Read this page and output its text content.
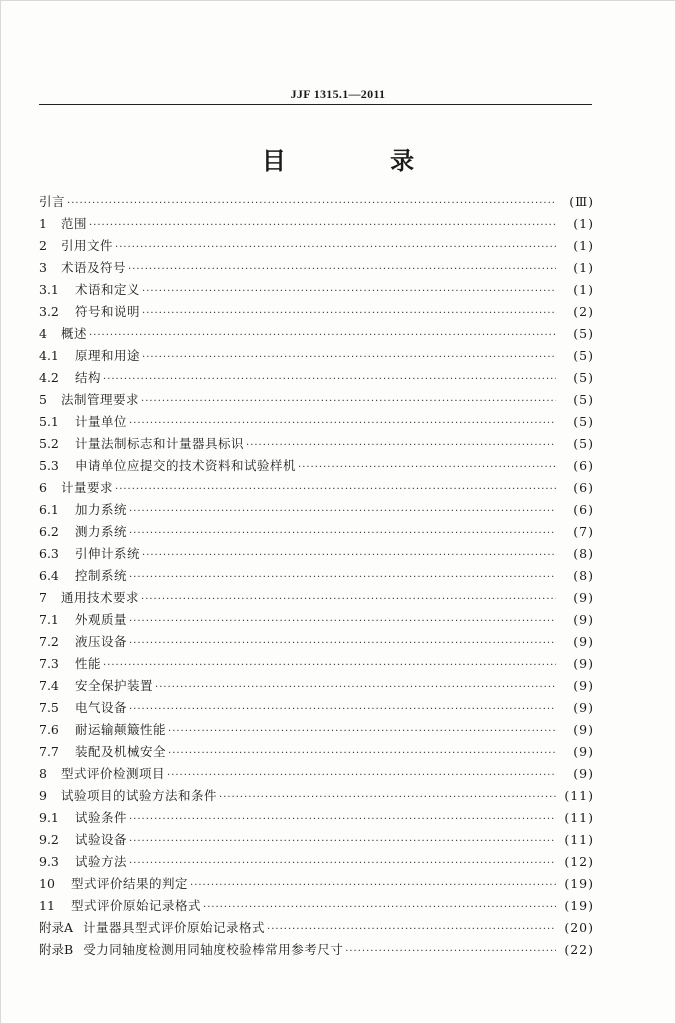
JJF 1315.1—2011
目 录
引言 ·····	(Ⅲ)
1	范围 ·····	(1)
2	引用文件 ·····	(1)
3	术语及符号 ·····	(1)
3.1	术语和定义 ·····	(1)
3.2	符号和说明 ·····	(2)
4	概述 ·····	(5)
4.1	原理和用途 ·····	(5)
4.2	结构 ·····	(5)
5	法制管理要求 ·····	(5)
5.1	计量单位 ·····	(5)
5.2	计量法制标志和计量器具标识 ·····	(5)
5.3	申请单位应提交的技术资料和试验样机 ·····	(6)
6	计量要求 ·····	(6)
6.1	加力系统 ·····	(6)
6.2	测力系统 ·····	(7)
6.3	引伸计系统 ·····	(8)
6.4	控制系统 ·····	(8)
7	通用技术要求 ·····	(9)
7.1	外观质量 ·····	(9)
7.2	液压设备 ·····	(9)
7.3	性能 ·····	(9)
7.4	安全保护装置 ·····	(9)
7.5	电气设备 ·····	(9)
7.6	耐运输颠簸性能 ·····	(9)
7.7	装配及机械安全 ·····	(9)
8	型式评价检测项目 ·····	(9)
9	试验项目的试验方法和条件 ·····	(11)
9.1	试验条件 ·····	(11)
9.2	试验设备 ·····	(11)
9.3	试验方法 ·····	(12)
10	型式评价结果的判定 ·····	(19)
11	型式评价原始记录格式 ·····	(19)
附录A 计量器具型式评价原始记录格式 ·····	(20)
附录B 受力同轴度检测用同轴度校验棒常用参考尺寸 ·····	(22)
